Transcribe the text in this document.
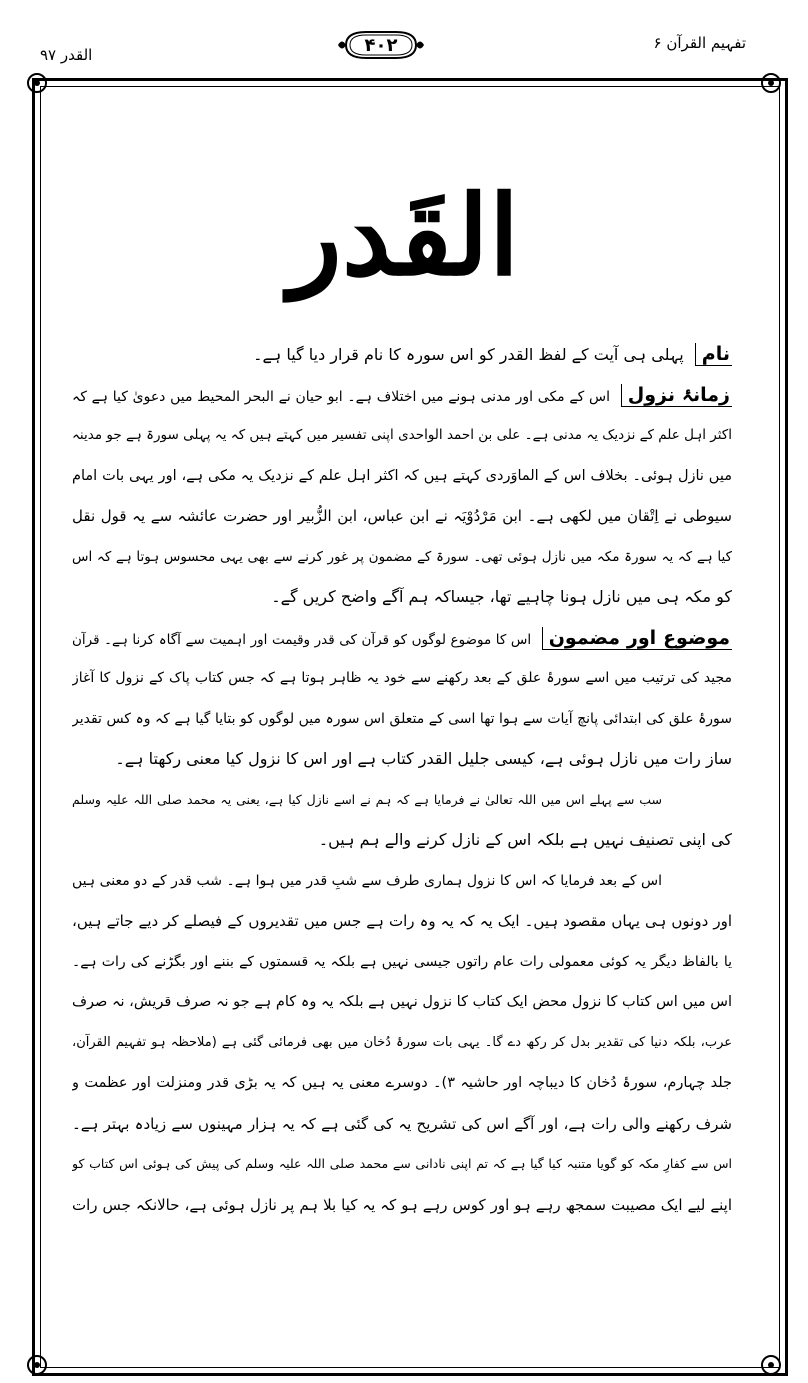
القدر ۹۷	۴۰۲	تفہیم القرآن ۶
القَدر
نام پہلی ہی آیت کے لفظ القدر کو اس سورہ کا نام قرار دیا گیا ہے۔
زمانۂ نزول اس کے مکی اور مدنی ہونے میں اختلاف ہے۔ ابو حیان نے البحر المحیط میں دعویٰ کیا ہے کہ
اکثر اہل علم کے نزدیک یہ مدنی ہے۔ علی بن احمد الواحدی اپنی تفسیر میں کہتے ہیں کہ یہ پہلی سورۃ ہے جو مدینہ
میں نازل ہوئی۔ بخلاف اس کے الماوَردی کہتے ہیں کہ اکثر اہل علم کے نزدیک یہ مکی ہے، اور یہی بات امام
سیوطی نے اِتْقان میں لکھی ہے۔ ابن مَرْدُوْیَہ نے ابن عباس، ابن الزُّبیر اور حضرت عائشہ سے یہ قول نقل
کیا ہے کہ یہ سورۃ مکہ میں نازل ہوئی تھی۔ سورۃ کے مضمون پر غور کرنے سے بھی یہی محسوس ہوتا ہے کہ اس
کو مکہ ہی میں نازل ہونا چاہیے تھا، جیساکہ ہم آگے واضح کریں گے۔
موضوع اور مضمون اس کا موضوع لوگوں کو قرآن کی قدر وقیمت اور اہمیت سے آگاہ کرنا ہے۔ قرآن
مجید کی ترتیب میں اسے سورۂ علق کے بعد رکھنے سے خود یہ ظاہر ہوتا ہے کہ جس کتاب پاک کے نزول کا آغاز
سورۂ علق کی ابتدائی پانچ آیات سے ہوا تھا اسی کے متعلق اس سورہ میں لوگوں کو بتایا گیا ہے کہ وہ کس تقدیر
ساز رات میں نازل ہوئی ہے، کیسی جلیل القدر کتاب ہے اور اس کا نزول کیا معنی رکھتا ہے۔
سب سے پہلے اس میں اللہ تعالیٰ نے فرمایا ہے کہ ہم نے اسے نازل کیا ہے، یعنی یہ محمد صلی اللہ علیہ وسلم
کی اپنی تصنیف نہیں ہے بلکہ اس کے نازل کرنے والے ہم ہیں۔
اس کے بعد فرمایا کہ اس کا نزول ہماری طرف سے شبِ قدر میں ہوا ہے۔ شب قدر کے دو معنی ہیں
اور دونوں ہی یہاں مقصود ہیں۔ ایک یہ کہ یہ وہ رات ہے جس میں تقدیروں کے فیصلے کر دیے جاتے ہیں،
یا بالفاظ دیگر یہ کوئی معمولی رات عام راتوں جیسی نہیں ہے بلکہ یہ قسمتوں کے بننے اور بگڑنے کی رات ہے۔
اس میں اس کتاب کا نزول محض ایک کتاب کا نزول نہیں ہے بلکہ یہ وہ کام ہے جو نہ صرف قریش، نہ صرف
عرب، بلکہ دنیا کی تقدیر بدل کر رکھ دے گا۔ یہی بات سورۂ دُخان میں بھی فرمائی گئی ہے (ملاحظہ ہو تفہیم القرآن،
جلد چہارم، سورۂ دُخان کا دیباچہ اور حاشیہ ۳)۔ دوسرے معنی یہ ہیں کہ یہ بڑی قدر ومنزلت اور عظمت و
شرف رکھنے والی رات ہے، اور آگے اس کی تشریح یہ کی گئی ہے کہ یہ ہزار مہینوں سے زیادہ بہتر ہے۔
اس سے کفارِ مکہ کو گویا متنبہ کیا گیا ہے کہ تم اپنی نادانی سے محمد صلی اللہ علیہ وسلم کی پیش کی ہوئی اس کتاب کو
اپنے لیے ایک مصیبت سمجھ رہے ہو اور کوس رہے ہو کہ یہ کیا بلا ہم پر نازل ہوئی ہے، حالانکہ جس رات
